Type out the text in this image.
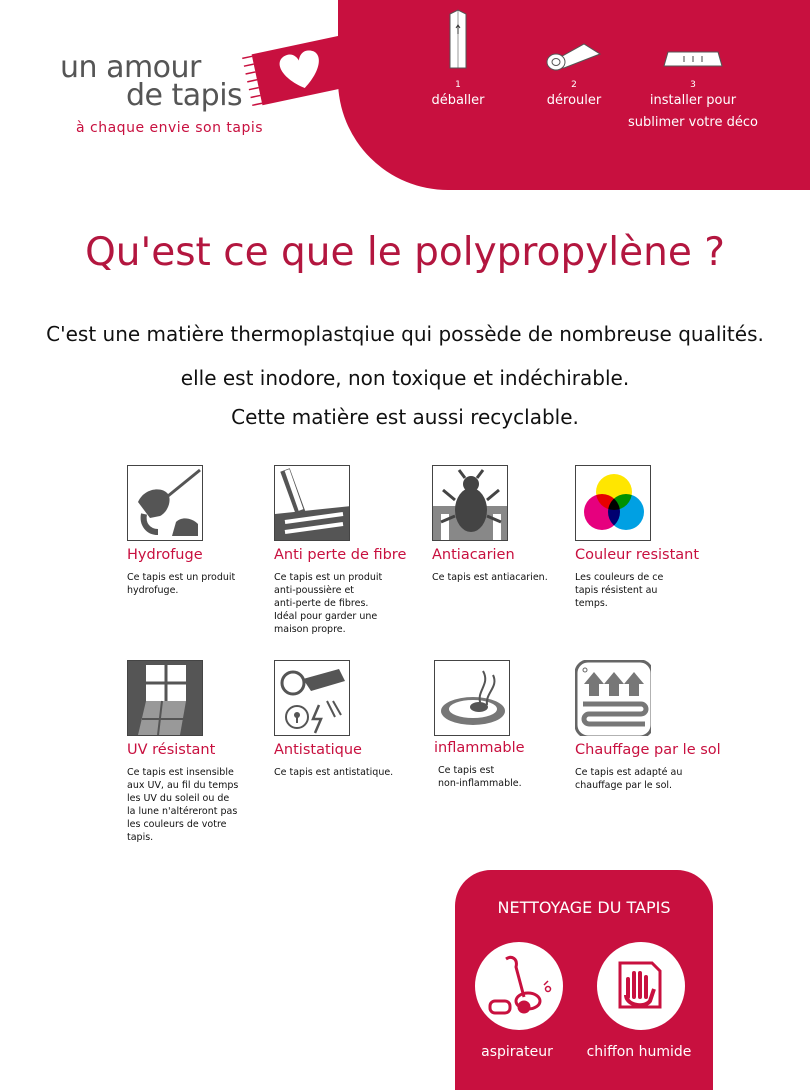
un amour
de tapis
à chaque envie son tapis
1
déballer
2
dérouler
3
installer pour
sublimer votre déco
Qu'est ce que le polypropylène ?
C'est une matière thermoplastqiue qui possède de nombreuse qualités.
elle est inodore, non toxique et indéchirable.
Cette matière est aussi recyclable.
Hydrofuge
Ce tapis est un produit
hydrofuge.
Anti perte de fibre
Ce tapis est un produit
anti-poussière et
anti-perte de fibres.
Idéal pour garder une
maison propre.
Antiacarien
Ce tapis est antiacarien.
Couleur resistant
Les couleurs de ce
tapis résistent au
temps.
UV résistant
Ce tapis est insensible
aux UV, au fil du temps
les UV du soleil ou de
la lune n'altéreront pas
les couleurs de votre
tapis.
Antistatique
Ce tapis est antistatique.
inflammable
Ce tapis est
non-inflammable.
Chauffage par le sol
Ce tapis est adapté au
chauffage par le sol.
NETTOYAGE DU TAPIS
aspirateur	chiffon humide
